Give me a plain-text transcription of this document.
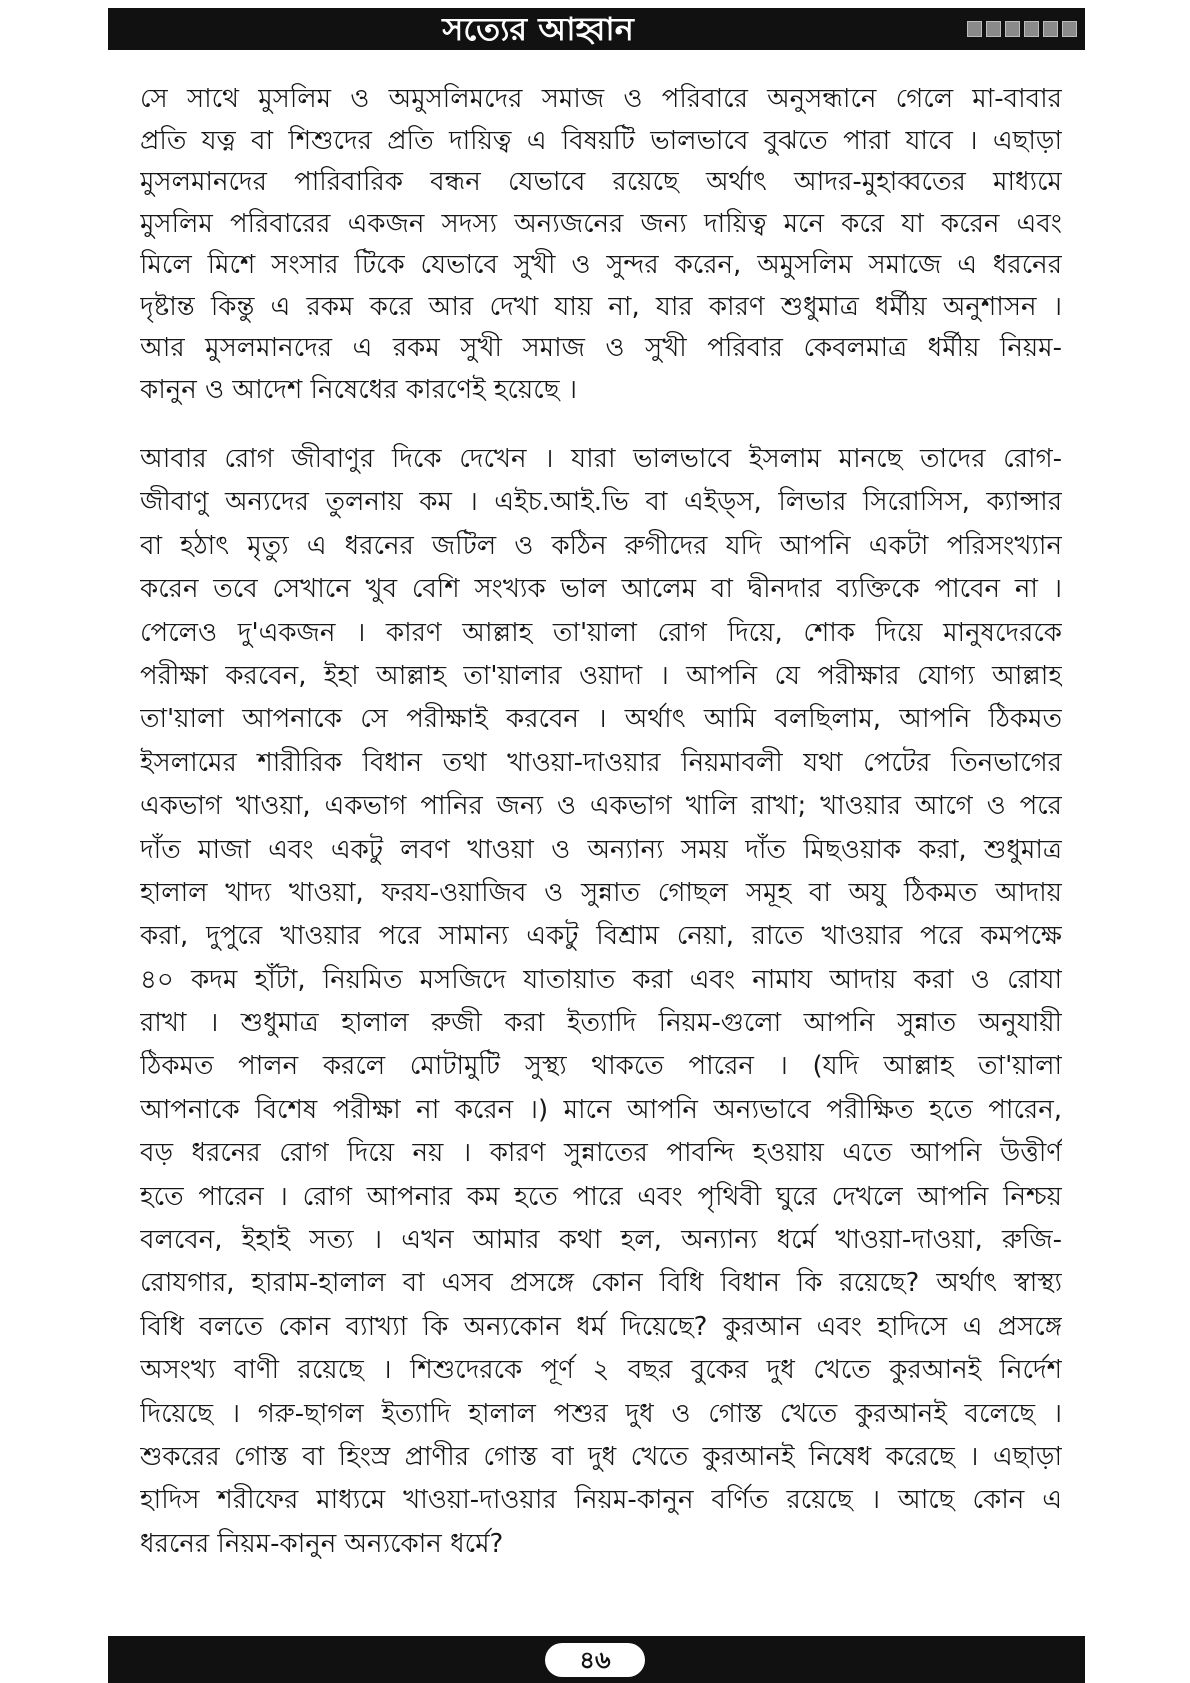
সত্যের আহ্বান
সে সাথে মুসলিম ও অমুসলিমদের সমাজ ও পরিবারে অনুসন্ধানে গেলে মা-বাবার
প্রতি যত্ন বা শিশুদের প্রতি দায়িত্ব এ বিষয়টি ভালভাবে বুঝতে পারা যাবে । এছাড়া
মুসলমানদের পারিবারিক বন্ধন যেভাবে রয়েছে অর্থাৎ আদর-মুহাব্বতের মাধ্যমে
মুসলিম পরিবারের একজন সদস্য অন্যজনের জন্য দায়িত্ব মনে করে যা করেন এবং
মিলে মিশে সংসার টিকে যেভাবে সুখী ও সুন্দর করেন, অমুসলিম সমাজে এ ধরনের
দৃষ্টান্ত কিন্তু এ রকম করে আর দেখা যায় না, যার কারণ শুধুমাত্র ধর্মীয় অনুশাসন ।
আর মুসলমানদের এ রকম সুখী সমাজ ও সুখী পরিবার কেবলমাত্র ধর্মীয় নিয়ম-
কানুন ও আদেশ নিষেধের কারণেই হয়েছে ।
আবার রোগ জীবাণুর দিকে দেখেন । যারা ভালভাবে ইসলাম মানছে তাদের রোগ-
জীবাণু অন্যদের তুলনায় কম । এইচ.আই.ভি বা এইড্স, লিভার সিরোসিস, ক্যান্সার
বা হঠাৎ মৃত্যু এ ধরনের জটিল ও কঠিন রুগীদের যদি আপনি একটা পরিসংখ্যান
করেন তবে সেখানে খুব বেশি সংখ্যক ভাল আলেম বা দ্বীনদার ব্যক্তিকে পাবেন না ।
পেলেও দু'একজন । কারণ আল্লাহ তা'য়ালা রোগ দিয়ে, শোক দিয়ে মানুষদেরকে
পরীক্ষা করবেন, ইহা আল্লাহ তা'য়ালার ওয়াদা । আপনি যে পরীক্ষার যোগ্য আল্লাহ
তা'য়ালা আপনাকে সে পরীক্ষাই করবেন । অর্থাৎ আমি বলছিলাম, আপনি ঠিকমত
ইসলামের শারীরিক বিধান তথা খাওয়া-দাওয়ার নিয়মাবলী যথা পেটের তিনভাগের
একভাগ খাওয়া, একভাগ পানির জন্য ও একভাগ খালি রাখা; খাওয়ার আগে ও পরে
দাঁত মাজা এবং একটু লবণ খাওয়া ও অন্যান্য সময় দাঁত মিছওয়াক করা, শুধুমাত্র
হালাল খাদ্য খাওয়া, ফরয-ওয়াজিব ও সুন্নাত গোছল সমূহ বা অযু ঠিকমত আদায়
করা, দুপুরে খাওয়ার পরে সামান্য একটু বিশ্রাম নেয়া, রাতে খাওয়ার পরে কমপক্ষে
৪০ কদম হাঁটা, নিয়মিত মসজিদে যাতায়াত করা এবং নামায আদায় করা ও রোযা
রাখা । শুধুমাত্র হালাল রুজী করা ইত্যাদি নিয়ম-গুলো আপনি সুন্নাত অনুযায়ী
ঠিকমত পালন করলে মোটামুটি সুস্থ্য থাকতে পারেন । (যদি আল্লাহ তা'য়ালা
আপনাকে বিশেষ পরীক্ষা না করেন ।) মানে আপনি অন্যভাবে পরীক্ষিত হতে পারেন,
বড় ধরনের রোগ দিয়ে নয় । কারণ সুন্নাতের পাবন্দি হওয়ায় এতে আপনি উত্তীর্ণ
হতে পারেন । রোগ আপনার কম হতে পারে এবং পৃথিবী ঘুরে দেখলে আপনি নিশ্চয়
বলবেন, ইহাই সত্য । এখন আমার কথা হল, অন্যান্য ধর্মে খাওয়া-দাওয়া, রুজি-
রোযগার, হারাম-হালাল বা এসব প্রসঙ্গে কোন বিধি বিধান কি রয়েছে? অর্থাৎ স্বাস্থ্য
বিধি বলতে কোন ব্যাখ্যা কি অন্যকোন ধর্ম দিয়েছে? কুরআন এবং হাদিসে এ প্রসঙ্গে
অসংখ্য বাণী রয়েছে । শিশুদেরকে পূর্ণ ২ বছর বুকের দুধ খেতে কুরআনই নির্দেশ
দিয়েছে । গরু-ছাগল ইত্যাদি হালাল পশুর দুধ ও গোস্ত খেতে কুরআনই বলেছে ।
শুকরের গোস্ত বা হিংস্র প্রাণীর গোস্ত বা দুধ খেতে কুরআনই নিষেধ করেছে । এছাড়া
হাদিস শরীফের মাধ্যমে খাওয়া-দাওয়ার নিয়ম-কানুন বর্ণিত রয়েছে । আছে কোন এ
ধরনের নিয়ম-কানুন অন্যকোন ধর্মে?
৪৬
